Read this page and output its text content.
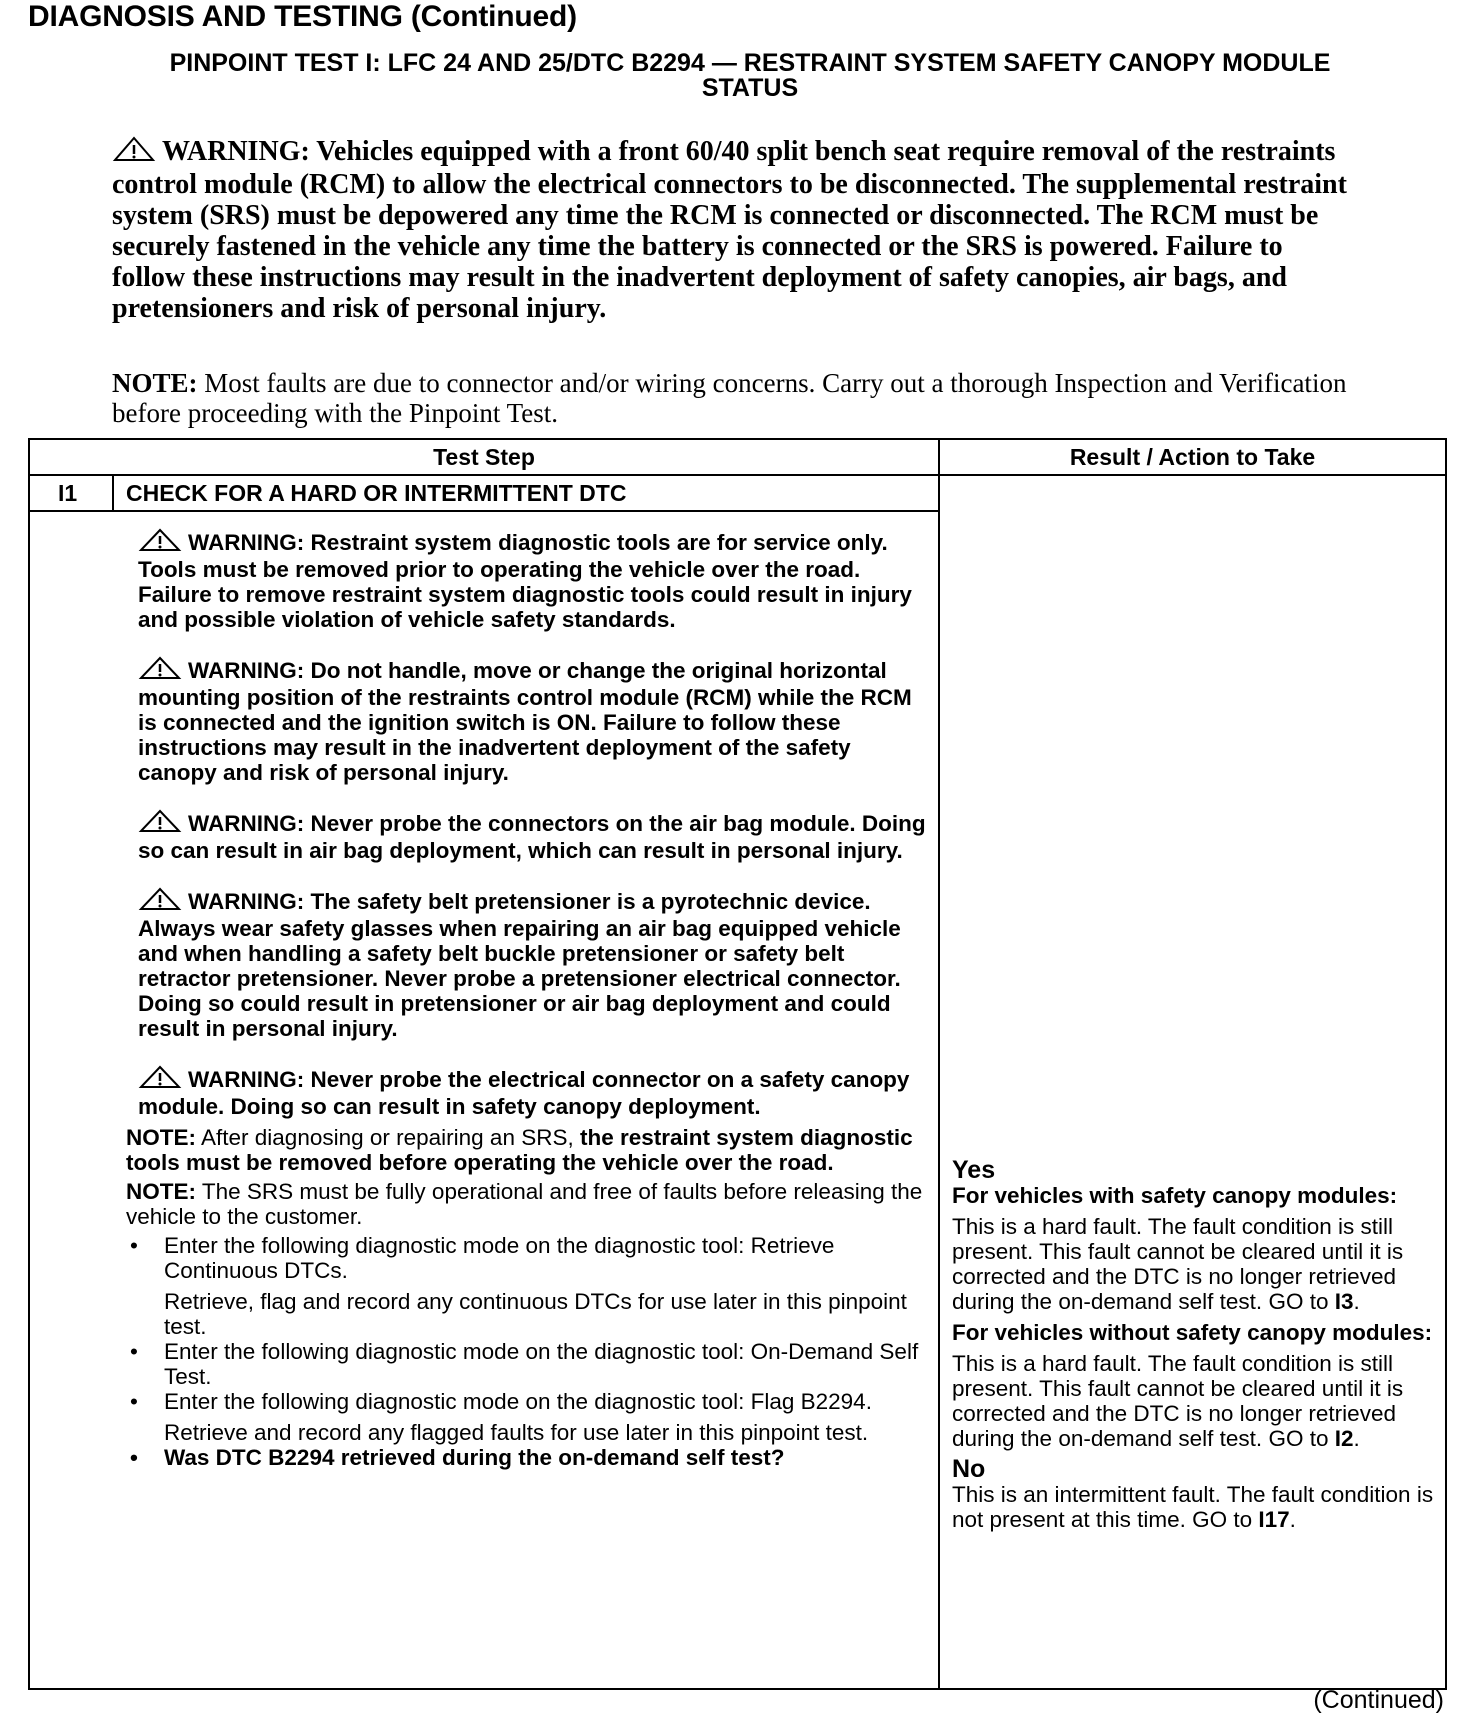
DIAGNOSIS AND TESTING (Continued)
PINPOINT TEST I: LFC 24 AND 25/DTC B2294 — RESTRAINT SYSTEM SAFETY CANOPY MODULE
STATUS
WARNING: Vehicles equipped with a front 60/40 split bench seat require removal of the restraints control module (RCM) to allow the electrical connectors to be disconnected. The supplemental restraint system (SRS) must be depowered any time the RCM is connected or disconnected. The RCM must be securely fastened in the vehicle any time the battery is connected or the SRS is powered. Failure to follow these instructions may result in the inadvertent deployment of safety canopies, air bags, and pretensioners and risk of personal injury.
NOTE: Most faults are due to connector and/or wiring concerns. Carry out a thorough Inspection and Verification before proceeding with the Pinpoint Test.
Test Step	Result / Action to Take
I1	CHECK FOR A HARD OR INTERMITTENT DTC
WARNING: Restraint system diagnostic tools are for service only. Tools must be removed prior to operating the vehicle over the road. Failure to remove restraint system diagnostic tools could result in injury and possible violation of vehicle safety standards.
WARNING: Do not handle, move or change the original horizontal mounting position of the restraints control module (RCM) while the RCM is connected and the ignition switch is ON. Failure to follow these instructions may result in the inadvertent deployment of the safety canopy and risk of personal injury.
WARNING: Never probe the connectors on the air bag module. Doing so can result in air bag deployment, which can result in personal injury.
WARNING: The safety belt pretensioner is a pyrotechnic device. Always wear safety glasses when repairing an air bag equipped vehicle and when handling a safety belt buckle pretensioner or safety belt retractor pretensioner. Never probe a pretensioner electrical connector. Doing so could result in pretensioner or air bag deployment and could result in personal injury.
WARNING: Never probe the electrical connector on a safety canopy module. Doing so can result in safety canopy deployment.
NOTE: After diagnosing or repairing an SRS, the restraint system diagnostic tools must be removed before operating the vehicle over the road.
NOTE: The SRS must be fully operational and free of faults before releasing the vehicle to the customer.
• Enter the following diagnostic mode on the diagnostic tool: Retrieve Continuous DTCs.
Retrieve, flag and record any continuous DTCs for use later in this pinpoint test.
• Enter the following diagnostic mode on the diagnostic tool: On-Demand Self Test.
• Enter the following diagnostic mode on the diagnostic tool: Flag B2294.
Retrieve and record any flagged faults for use later in this pinpoint test.
• Was DTC B2294 retrieved during the on-demand self test?
Yes
For vehicles with safety canopy modules:
This is a hard fault. The fault condition is still present. This fault cannot be cleared until it is corrected and the DTC is no longer retrieved during the on-demand self test. GO to I3.
For vehicles without safety canopy modules:
This is a hard fault. The fault condition is still present. This fault cannot be cleared until it is corrected and the DTC is no longer retrieved during the on-demand self test. GO to I2.
No
This is an intermittent fault. The fault condition is not present at this time. GO to I17.
(Continued)
